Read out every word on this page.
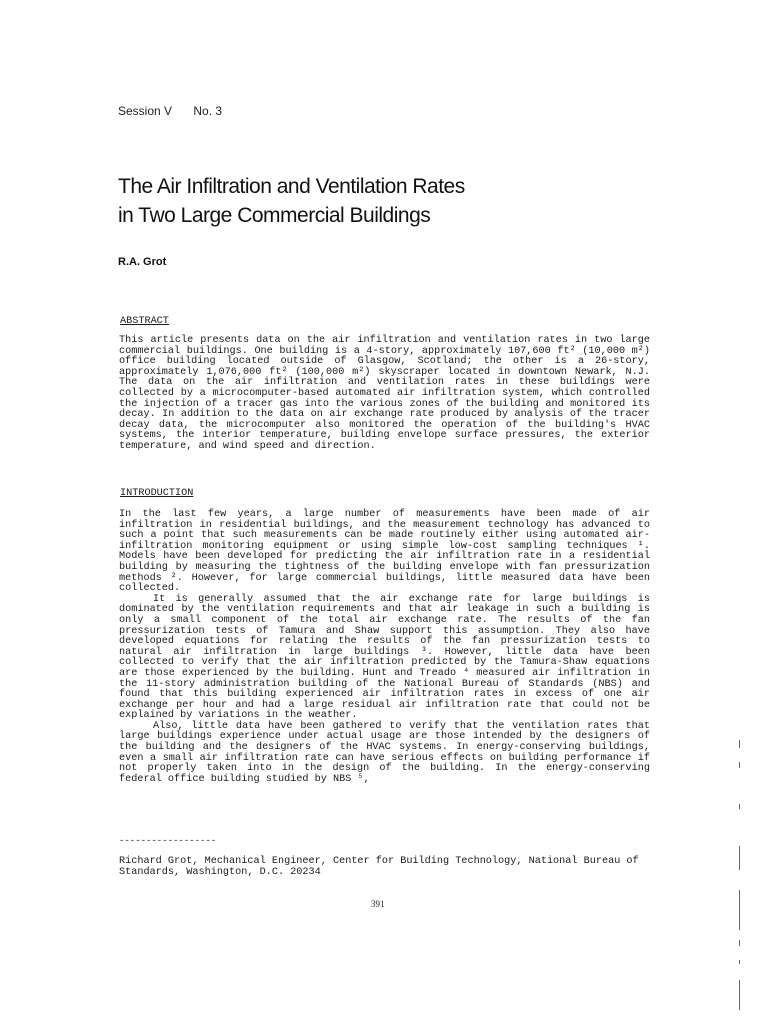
Session V No. 3
The Air Infiltration and Ventilation Rates
in Two Large Commercial Buildings
R.A. Grot
ABSTRACT
This article presents data on the air infiltration and ventilation rates in two large commercial buildings. One building is a 4-story, approximately 107,600 ft² (10,000 m²) office building located outside of Glasgow, Scotland; the other is a 26-story, approximately 1,076,000 ft² (100,000 m²) skyscraper located in downtown Newark, N.J. The data on the air infiltration and ventilation rates in these buildings were collected by a microcomputer-based automated air infiltration system, which controlled the injection of a tracer gas into the various zones of the building and monitored its decay. In addition to the data on air exchange rate produced by analysis of the tracer decay data, the microcomputer also monitored the operation of the building's HVAC systems, the interior temperature, building envelope surface pressures, the exterior temperature, and wind speed and direction.
INTRODUCTION
In the last few years, a large number of measurements have been made of air infiltration in residential buildings, and the measurement technology has advanced to such a point that such measurements can be made routinely either using automated air-infiltration monitoring equipment or using simple low-cost sampling techniques ¹. Models have been developed for predicting the air infiltration rate in a residential building by measuring the tightness of the building envelope with fan pressurization methods ². However, for large commercial buildings, little measured data have been collected.
It is generally assumed that the air exchange rate for large buildings is dominated by the ventilation requirements and that air leakage in such a building is only a small component of the total air exchange rate. The results of the fan pressurization tests of Tamura and Shaw support this assumption. They also have developed equations for relating the results of the fan pressurization tests to natural air infiltration in large buildings ³. However, little data have been collected to verify that the air infiltration predicted by the Tamura-Shaw equations are those experienced by the building. Hunt and Treado ⁴ measured air infiltration in the 11-story administration building of the National Bureau of Standards (NBS) and found that this building experienced air infiltration rates in excess of one air exchange per hour and had a large residual air infiltration rate that could not be explained by variations in the weather.
Also, little data have been gathered to verify that the ventilation rates that large buildings experience under actual usage are those intended by the designers of the building and the designers of the HVAC systems. In energy-conserving buildings, even a small air infiltration rate can have serious effects on building performance if not properly taken into in the design of the building. In the energy-conserving federal office building studied by NBS ⁵,
------------------
Richard Grot, Mechanical Engineer, Center for Building Technology, National Bureau of Standards, Washington, D.C. 20234
391
